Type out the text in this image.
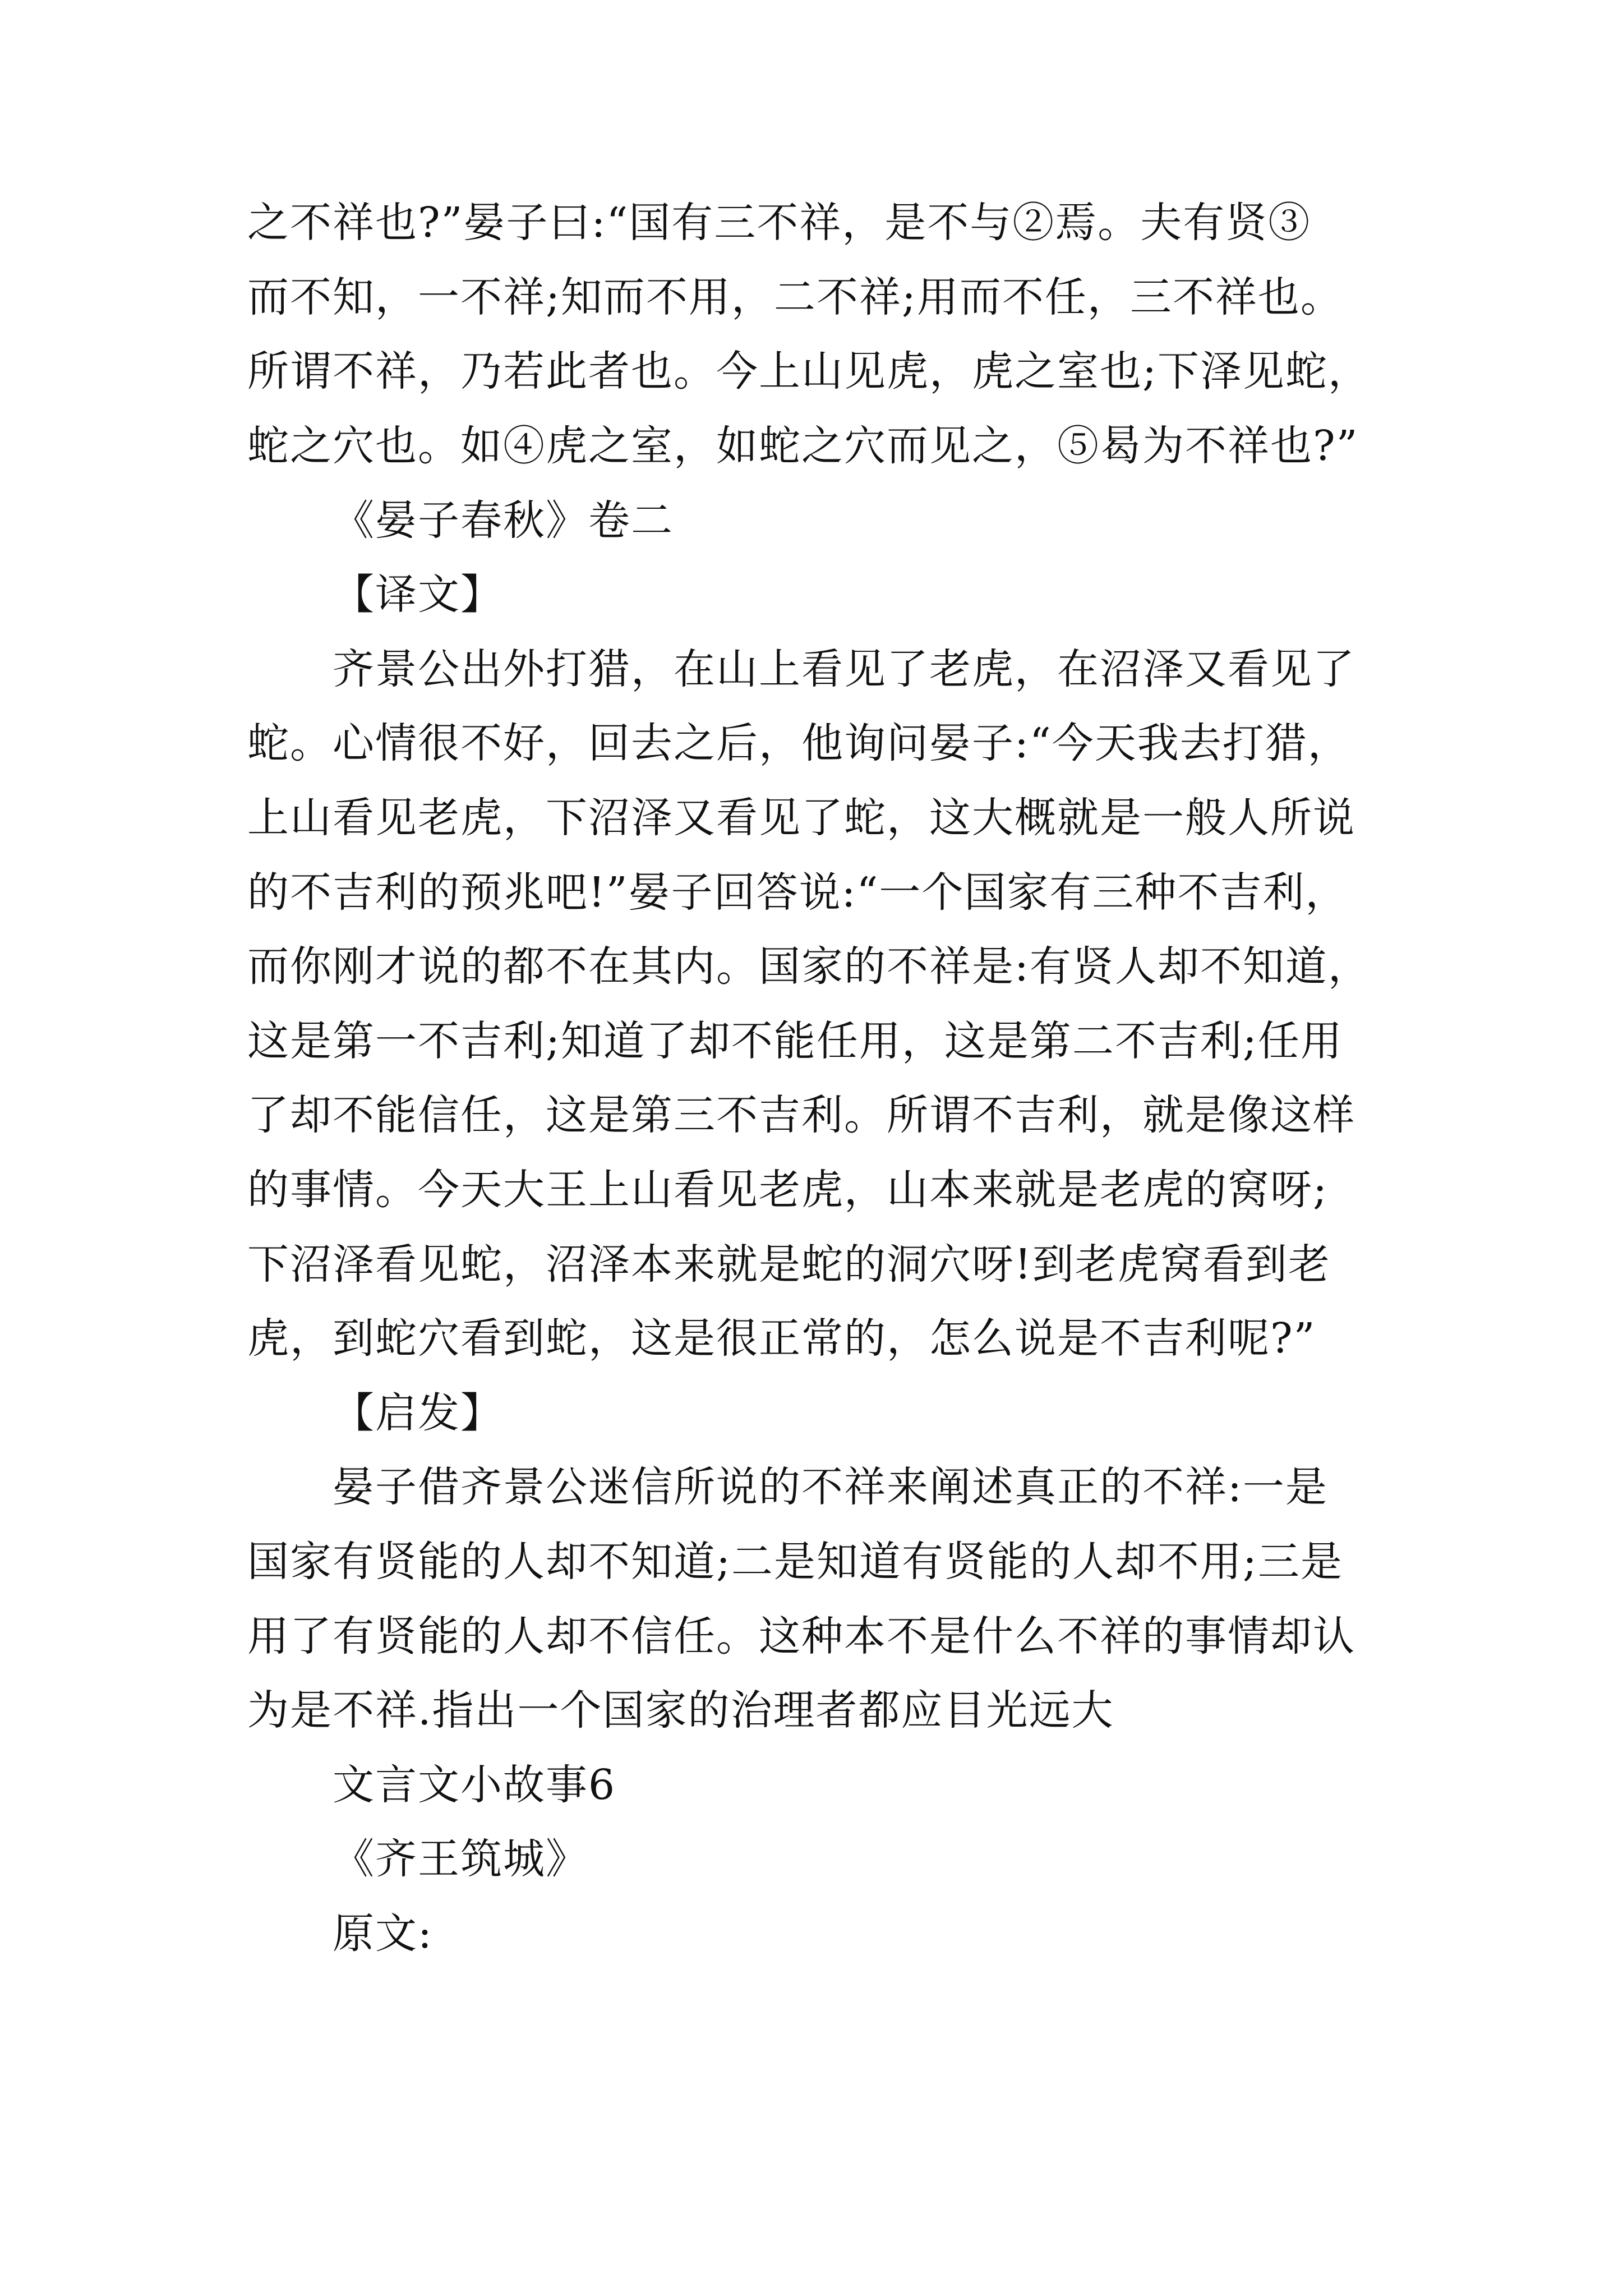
之不祥也?”晏子曰:“国有三不祥，是不与②焉。夫有贤③

而不知，一不祥;知而不用，二不祥;用而不任，三不祥也。

所谓不祥，乃若此者也。今上山见虎，虎之室也;下泽见蛇，

蛇之穴也。如④虎之室，如蛇之穴而见之，⑤曷为不祥也?”

《晏子春秋》卷二

【译文】

齐景公出外打猎，在山上看见了老虎，在沼泽又看见了

蛇。心情很不好，回去之后，他询问晏子:“今天我去打猎，

上山看见老虎，下沼泽又看见了蛇，这大概就是一般人所说

的不吉利的预兆吧!”晏子回答说:“一个国家有三种不吉利，

而你刚才说的都不在其内。国家的不祥是:有贤人却不知道，

这是第一不吉利;知道了却不能任用，这是第二不吉利;任用

了却不能信任，这是第三不吉利。所谓不吉利，就是像这样

的事情。今天大王上山看见老虎，山本来就是老虎的窝呀;

下沼泽看见蛇，沼泽本来就是蛇的洞穴呀!到老虎窝看到老

虎，到蛇穴看到蛇，这是很正常的，怎么说是不吉利呢?”

【启发】

晏子借齐景公迷信所说的不祥来阐述真正的不祥:一是

国家有贤能的人却不知道;二是知道有贤能的人却不用;三是

用了有贤能的人却不信任。这种本不是什么不祥的事情却认

为是不祥.指出一个国家的治理者都应目光远大

文言文小故事6

《齐王筑城》

原文:
